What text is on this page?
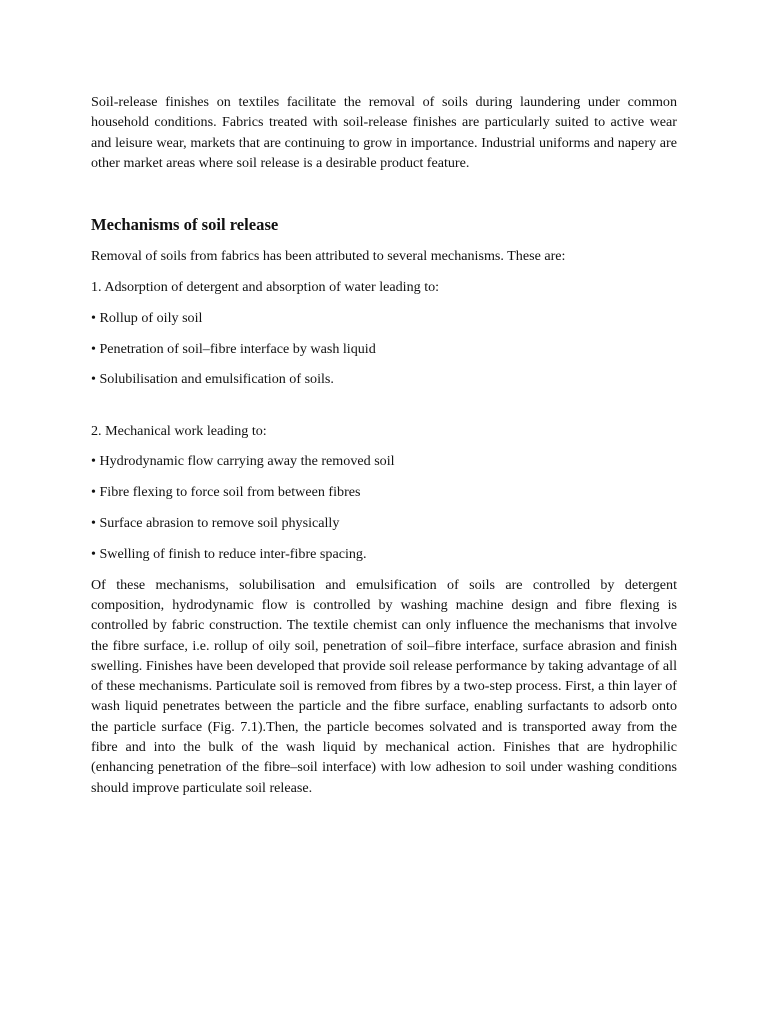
Soil-release finishes on textiles facilitate the removal of soils during laundering under common household conditions. Fabrics treated with soil-release finishes are particularly suited to active wear and leisure wear, markets that are continuing to grow in importance. Industrial uniforms and napery are other market areas where soil release is a desirable product feature.

Mechanisms of soil release

Removal of soils from fabrics has been attributed to several mechanisms. These are:

1. Adsorption of detergent and absorption of water leading to:

• Rollup of oily soil

• Penetration of soil–fibre interface by wash liquid

• Solubilisation and emulsification of soils.

2. Mechanical work leading to:

• Hydrodynamic flow carrying away the removed soil

• Fibre flexing to force soil from between fibres

• Surface abrasion to remove soil physically

• Swelling of finish to reduce inter-fibre spacing.

Of these mechanisms, solubilisation and emulsification of soils are controlled by detergent composition, hydrodynamic flow is controlled by washing machine design and fibre flexing is controlled by fabric construction. The textile chemist can only influence the mechanisms that involve the fibre surface, i.e. rollup of oily soil, penetration of soil–fibre interface, surface abrasion and finish swelling. Finishes have been developed that provide soil release performance by taking advantage of all of these mechanisms. Particulate soil is removed from fibres by a two-step process. First, a thin layer of wash liquid penetrates between the particle and the fibre surface, enabling surfactants to adsorb onto the particle surface (Fig. 7.1).Then, the particle becomes solvated and is transported away from the fibre and into the bulk of the wash liquid by mechanical action. Finishes that are hydrophilic (enhancing penetration of the fibre–soil interface) with low adhesion to soil under washing conditions should improve particulate soil release.
